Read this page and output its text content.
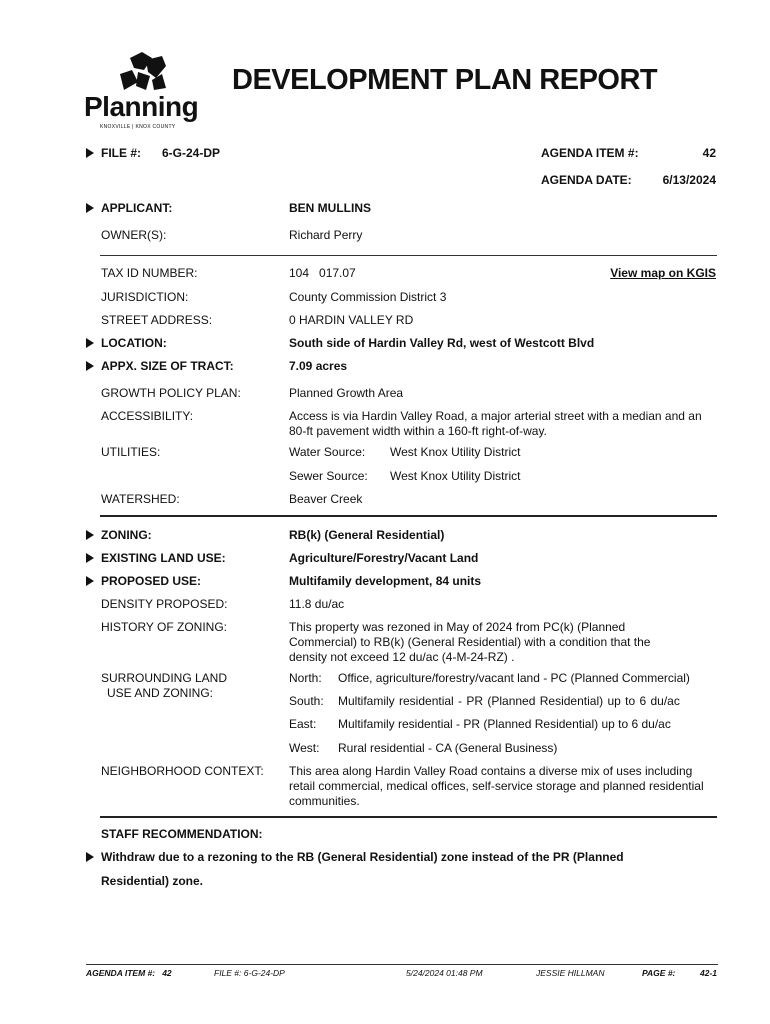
Planning
KNOXVILLE | KNOX COUNTY
DEVELOPMENT PLAN REPORT
FILE #: 6-G-24-DP	AGENDA ITEM #:	42
AGENDA DATE:	6/13/2024
APPLICANT:	BEN MULLINS
OWNER(S):	Richard Perry
TAX ID NUMBER:	104   017.07	View map on KGIS
JURISDICTION:	County Commission District 3
STREET ADDRESS:	0 HARDIN VALLEY RD
LOCATION:	South side of Hardin Valley Rd, west of Westcott Blvd
APPX. SIZE OF TRACT:	7.09 acres
GROWTH POLICY PLAN:	Planned Growth Area
ACCESSIBILITY:	Access is via Hardin Valley Road, a major arterial street with a median and an 80-ft pavement width within a 160-ft right-of-way.
UTILITIES:	Water Source: West Knox Utility District
Sewer Source: West Knox Utility District
WATERSHED:	Beaver Creek
ZONING:	RB(k) (General Residential)
EXISTING LAND USE:	Agriculture/Forestry/Vacant Land
PROPOSED USE:	Multifamily development, 84 units
DENSITY PROPOSED:	11.8 du/ac
HISTORY OF ZONING:	This property was rezoned in May of 2024 from PC(k) (Planned Commercial) to RB(k) (General Residential) with a condition that the density not exceed 12 du/ac (4-M-24-RZ) .
SURROUNDING LAND
USE AND ZONING:
North: Office, agriculture/forestry/vacant land - PC (Planned Commercial)
South: Multifamily residential - PR (Planned Residential) up to 6 du/ac
East: Multifamily residential - PR (Planned Residential) up to 6 du/ac
West: Rural residential - CA (General Business)
NEIGHBORHOOD CONTEXT: This area along Hardin Valley Road contains a diverse mix of uses including retail commercial, medical offices, self-service storage and planned residential communities.
STAFF RECOMMENDATION:
Withdraw due to a rezoning to the RB (General Residential) zone instead of the PR (Planned
Residential) zone.
AGENDA ITEM #:   42	FILE #: 6-G-24-DP	5/24/2024 01:48 PM	JESSIE HILLMAN	PAGE #:	42-1
